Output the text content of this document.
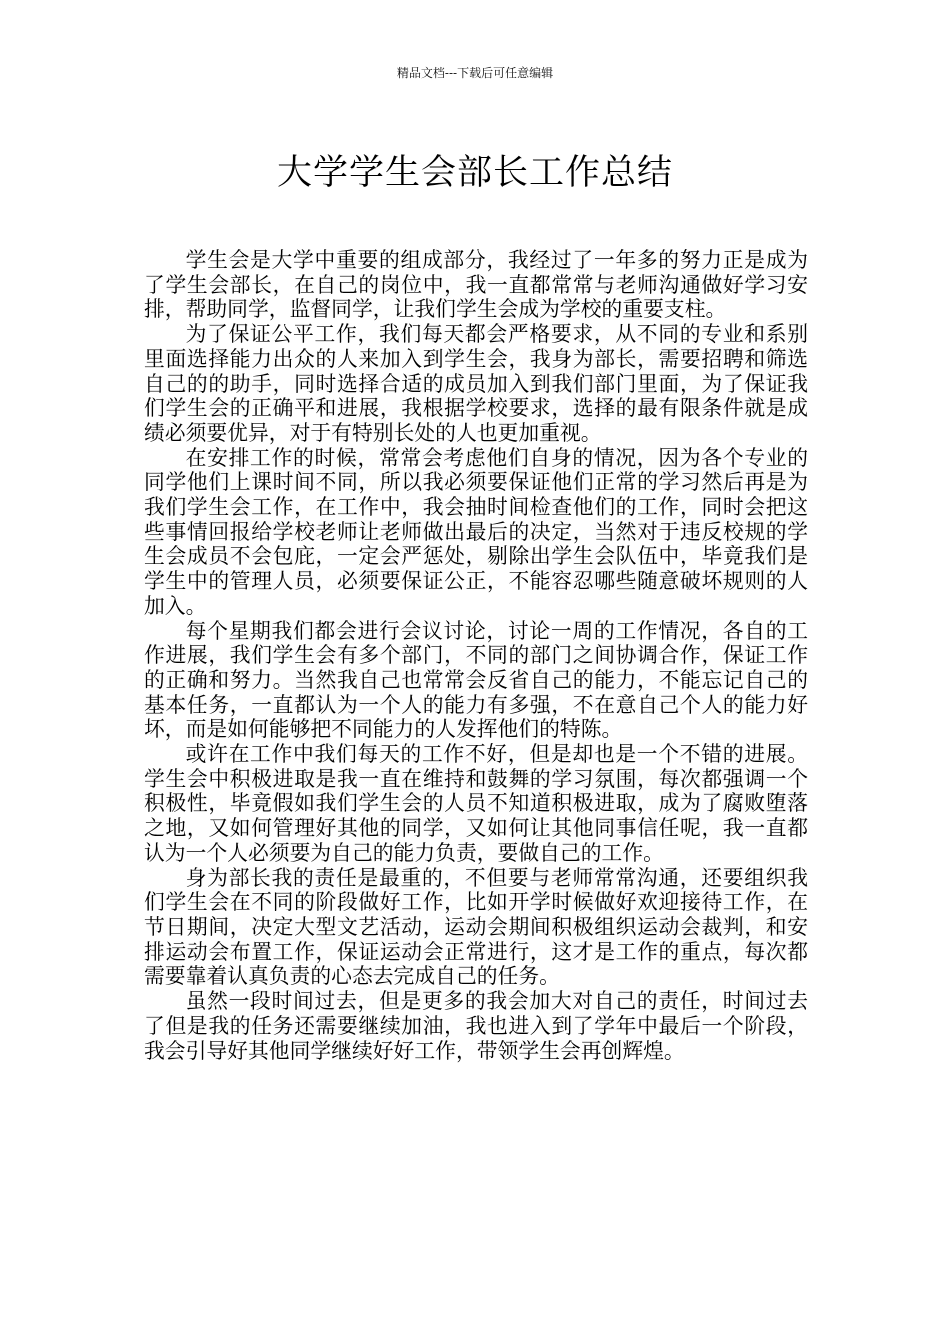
精品文档---下载后可任意编辑
大学学生会部长工作总结

学生会是大学中重要的组成部分，我经过了一年多的努力正是成为了学生会部长，在自己的岗位中，我一直都常常与老师沟通做好学习安排，帮助同学，监督同学，让我们学生会成为学校的重要支柱。

为了保证公平工作，我们每天都会严格要求，从不同的专业和系别里面选择能力出众的人来加入到学生会，我身为部长，需要招聘和筛选自己的的助手，同时选择合适的成员加入到我们部门里面，为了保证我们学生会的正确平和进展，我根据学校要求，选择的最有限条件就是成绩必须要优异，对于有特别长处的人也更加重视。

在安排工作的时候，常常会考虑他们自身的情况，因为各个专业的同学他们上课时间不同，所以我必须要保证他们正常的学习然后再是为我们学生会工作，在工作中，我会抽时间检查他们的工作，同时会把这些事情回报给学校老师让老师做出最后的决定，当然对于违反校规的学生会成员不会包庇，一定会严惩处，剔除出学生会队伍中，毕竟我们是学生中的管理人员，必须要保证公正，不能容忍哪些随意破坏规则的人加入。

每个星期我们都会进行会议讨论，讨论一周的工作情况，各自的工作进展，我们学生会有多个部门，不同的部门之间协调合作，保证工作的正确和努力。当然我自己也常常会反省自己的能力，不能忘记自己的基本任务，一直都认为一个人的能力有多强，不在意自己个人的能力好坏，而是如何能够把不同能力的人发挥他们的特陈。

或许在工作中我们每天的工作不好，但是却也是一个不错的进展。学生会中积极进取是我一直在维持和鼓舞的学习氛围，每次都强调一个积极性，毕竟假如我们学生会的人员不知道积极进取，成为了腐败堕落之地，又如何管理好其他的同学，又如何让其他同事信任呢，我一直都认为一个人必须要为自己的能力负责，要做自己的工作。

身为部长我的责任是最重的，不但要与老师常常沟通，还要组织我们学生会在不同的阶段做好工作，比如开学时候做好欢迎接待工作，在节日期间，决定大型文艺活动，运动会期间积极组织运动会裁判，和安排运动会布置工作，保证运动会正常进行，这才是工作的重点，每次都需要靠着认真负责的心态去完成自己的任务。

虽然一段时间过去，但是更多的我会加大对自己的责任，时间过去了但是我的任务还需要继续加油，我也进入到了学年中最后一个阶段，我会引导好其他同学继续好好工作，带领学生会再创辉煌。
